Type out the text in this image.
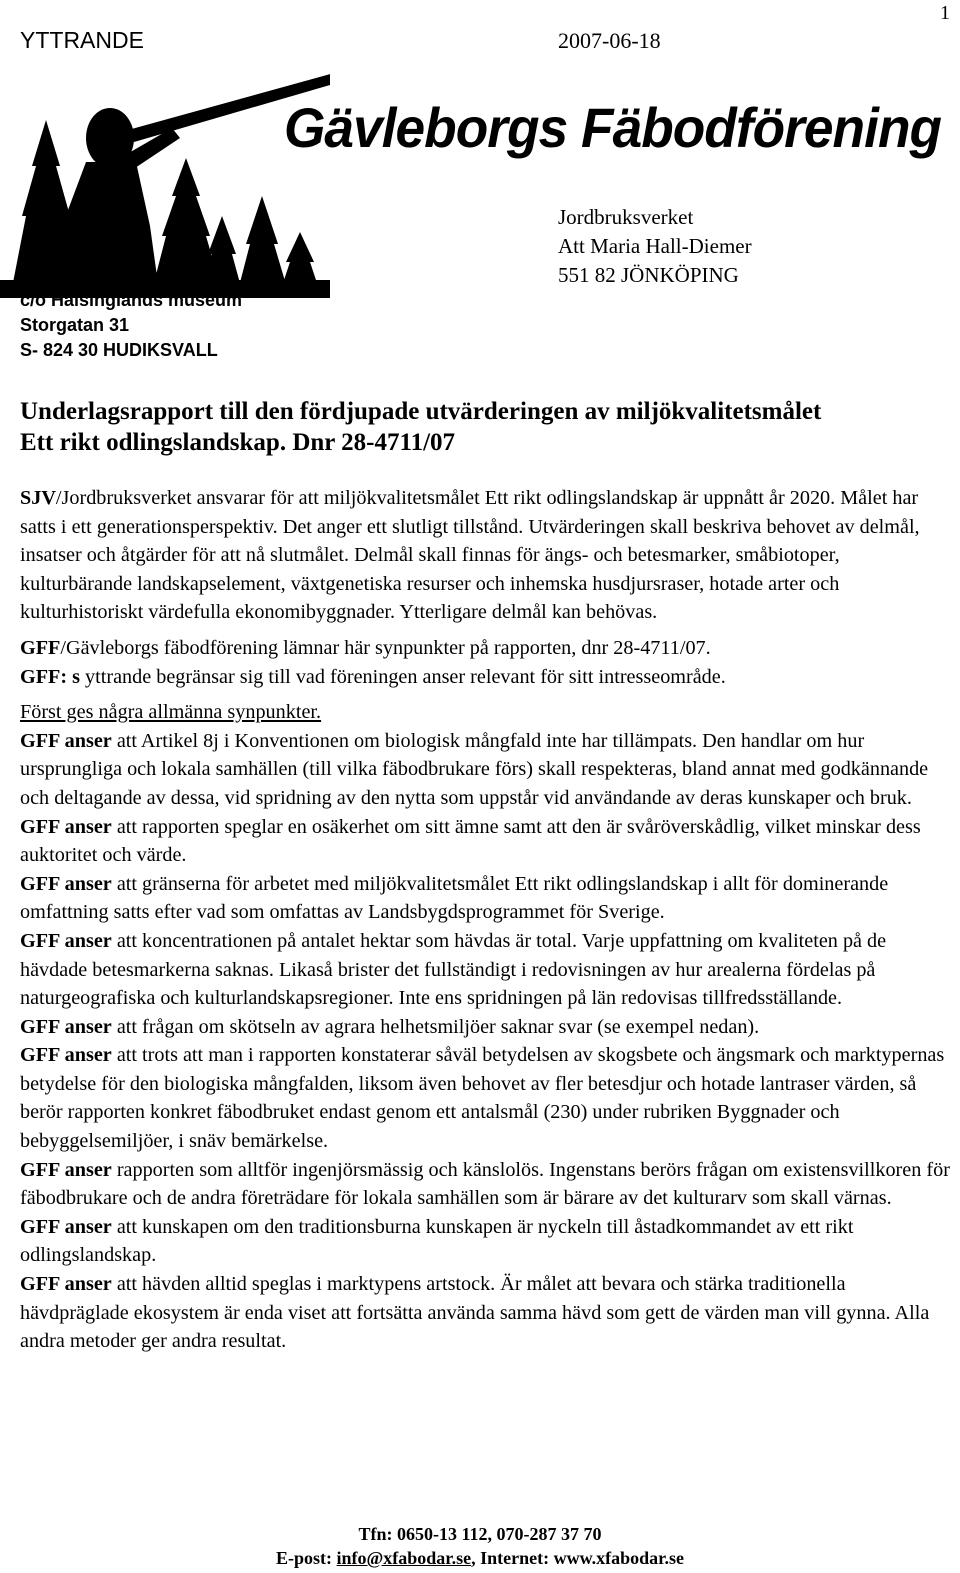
1
YTTRANDE	2007-06-18
Gävleborgs Fäbodförening
Jordbruksverket
Att Maria Hall-Diemer
551 82 JÖNKÖPING
c/o Hälsinglands museum
Storgatan 31
S- 824 30 HUDIKSVALL
Underlagsrapport till den fördjupade utvärderingen av miljökvalitetsmålet
Ett rikt odlingslandskap. Dnr 28-4711/07

SJV/Jordbruksverket ansvarar för att miljökvalitetsmålet Ett rikt odlingslandskap är uppnått år 2020. Målet har satts i ett generationsperspektiv. Det anger ett slutligt tillstånd. Utvärderingen skall beskriva behovet av delmål, insatser och åtgärder för att nå slutmålet. Delmål skall finnas för ängs- och betesmarker, småbiotoper, kulturbärande landskapselement, växtgenetiska resurser och inhemska husdjursraser, hotade arter och kulturhistoriskt värdefulla ekonomibyggnader. Ytterligare delmål kan behövas.

GFF/Gävleborgs fäbodförening lämnar här synpunkter på rapporten, dnr 28-4711/07.

GFF: s yttrande begränsar sig till vad föreningen anser relevant för sitt intresseområde.

Först ges några allmänna synpunkter.

GFF anser att Artikel 8j i Konventionen om biologisk mångfald inte har tillämpats. Den handlar om hur ursprungliga och lokala samhällen (till vilka fäbodbrukare förs) skall respekteras, bland annat med godkännande och deltagande av dessa, vid spridning av den nytta som uppstår vid användande av deras kunskaper och bruk.

GFF anser att rapporten speglar en osäkerhet om sitt ämne samt att den är svåröverskådlig, vilket minskar dess auktoritet och värde.

GFF anser att gränserna för arbetet med miljökvalitetsmålet Ett rikt odlingslandskap i allt för dominerande omfattning satts efter vad som omfattas av Landsbygdsprogrammet för Sverige.

GFF anser att koncentrationen på antalet hektar som hävdas är total. Varje uppfattning om kvaliteten på de hävdade betesmarkerna saknas. Likaså brister det fullständigt i redovisningen av hur arealerna fördelas på naturgeografiska och kulturlandskapsregioner. Inte ens spridningen på län redovisas tillfredsställande.

GFF anser att frågan om skötseln av agrara helhetsmiljöer saknar svar (se exempel nedan).

GFF anser att trots att man i rapporten konstaterar såväl betydelsen av skogsbete och ängsmark och marktypernas betydelse för den biologiska mångfalden, liksom även behovet av fler betesdjur och hotade lantraser värden, så berör rapporten konkret fäbodbruket endast genom ett antalsmål (230) under rubriken Byggnader och bebyggelsemiljöer, i snäv bemärkelse.

GFF anser rapporten som alltför ingenjörsmässig och känslolös. Ingenstans berörs frågan om existensvillkoren för fäbodbrukare och de andra företrädare för lokala samhällen som är bärare av det kulturarv som skall värnas.

GFF anser att kunskapen om den traditionsburna kunskapen är nyckeln till åstadkommandet av ett rikt odlingslandskap.

GFF anser att hävden alltid speglas i marktypens artstock. Är målet att bevara och stärka traditionella hävdpräglade ekosystem är enda viset att fortsätta använda samma hävd som gett de värden man vill gynna. Alla andra metoder ger andra resultat.

Tfn: 0650-13 112, 070-287 37 70
E-post: info@xfabodar.se, Internet: www.xfabodar.se
